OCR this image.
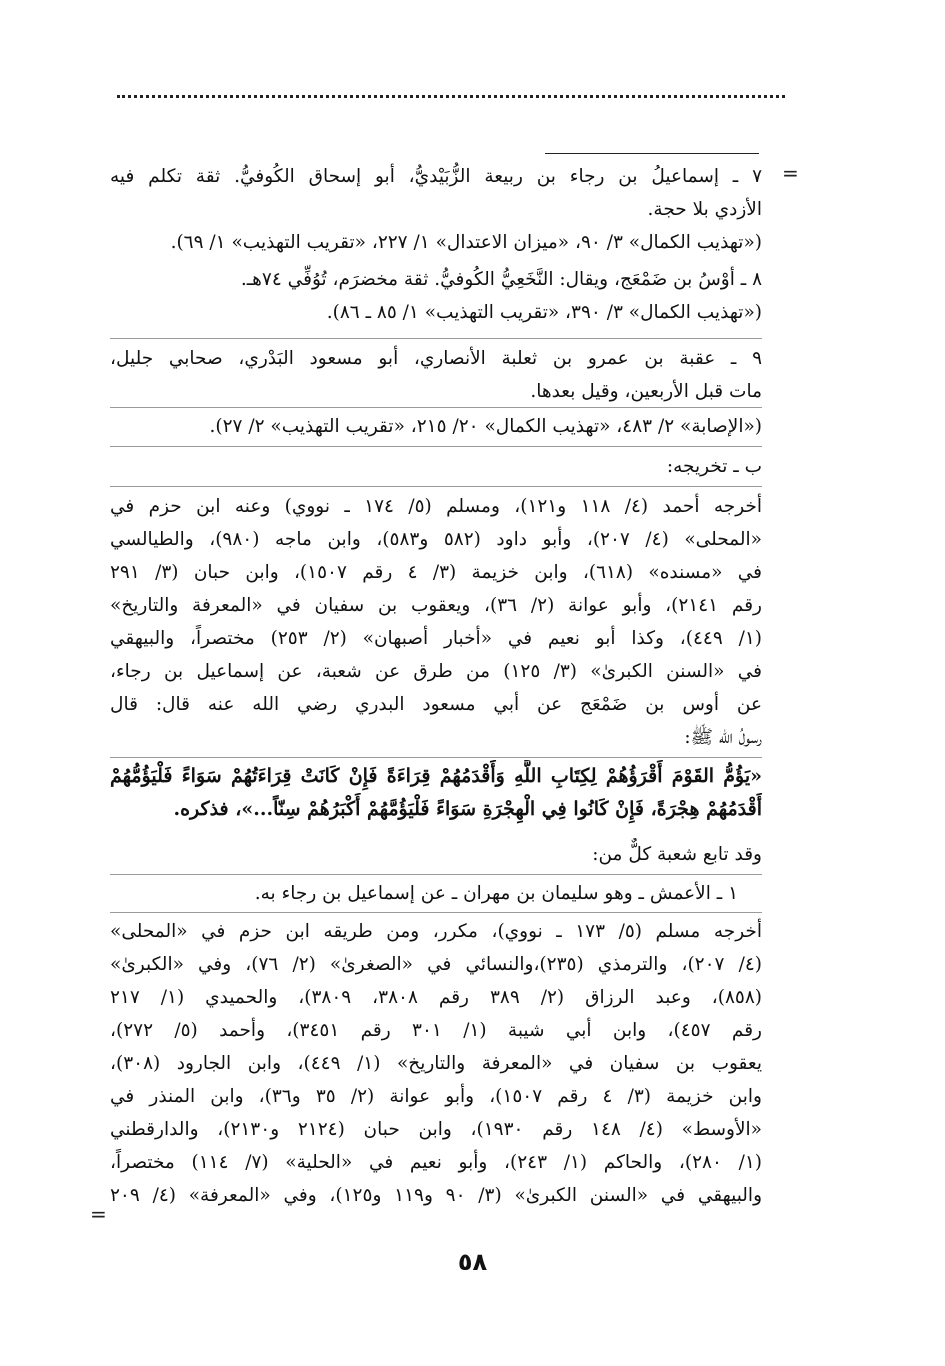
=
٧ ـ إسماعيلُ بن رجاء بن ربيعة الزُّبَيْديُّ، أبو إسحاق الكُوفيُّ. ثقة تكلم فيه
الأزدي بلا حجة.
(«تهذيب الكمال» ٣/ ٩٠، «ميزان الاعتدال» ١/ ٢٢٧، «تقريب التهذيب» ١/ ٦٩).
٨ ـ أوْسُ بن ضَمْعَج، ويقال: النَّخَعِيُّ الكُوفيُّ. ثقة مخضرَم، تُوُفِّي ٧٤هـ.
(«تهذيب الكمال» ٣/ ٣٩٠، «تقريب التهذيب» ١/ ٨٥ ـ ٨٦).
٩ ـ عقبة بن عمرو بن ثعلبة الأنصاري، أبو مسعود البَدْري، صحابي جليل،
مات قبل الأربعين، وقيل بعدها.
(«الإصابة» ٢/ ٤٨٣، «تهذيب الكمال» ٢٠/ ٢١٥، «تقريب التهذيب» ٢/ ٢٧).
ب ـ تخريجه:
أخرجه أحمد (٤/ ١١٨ و١٢١)، ومسلم (٥/ ١٧٤ ـ نووي) وعنه ابن حزم في
«المحلى» (٤/ ٢٠٧)، وأبو داود (٥٨٢ و٥٨٣)، وابن ماجه (٩٨٠)، والطيالسي
في «مسنده» (٦١٨)، وابن خزيمة (٣/ ٤ رقم ١٥٠٧)، وابن حبان (٣/ ٢٩١
رقم ٢١٤١)، وأبو عوانة (٢/ ٣٦)، ويعقوب بن سفيان في «المعرفة والتاريخ»
(١/ ٤٤٩)، وكذا أبو نعيم في «أخبار أصبهان» (٢/ ٢٥٣) مختصراً، والبيهقي
في «السنن الكبرىٰ» (٣/ ١٢٥) من طرق عن شعبة، عن إسماعيل بن رجاء،
عن أوس بن ضَمْعَج عن أبي مسعود البدري رضي الله عنه قال: قال
رسولُ الله ﷺ:
«يَؤُمُّ القَوْمَ أَقْرَؤُهُمْ لِكِتَابِ اللَّهِ وَأَقْدَمُهُمْ قِرَاءَةً فَإِنْ كَانَتْ قِرَاءَتُهُمْ سَوَاءً فَلْيَؤُمُّهُمْ
أَقْدَمُهُمْ هِجْرَةً، فَإِنْ كَانُوا فِي الْهِجْرَةِ سَوَاءً فَلْيَؤُمَّهُمْ أَكْبَرُهُمْ سِنّاً...»، فذكره.
وقد تابع شعبة كلٌّ من:
١ ـ الأعمش ـ وهو سليمان بن مهران ـ عن إسماعيل بن رجاء به.
أخرجه مسلم (٥/ ١٧٣ ـ نووي)، مكرر، ومن طريقه ابن حزم في «المحلى»
(٤/ ٢٠٧)، والترمذي (٢٣٥)،والنسائي في «الصغرىٰ» (٢/ ٧٦)، وفي «الكبرىٰ»
(٨٥٨)، وعبد الرزاق (٢/ ٣٨٩ رقم ٣٨٠٨، ٣٨٠٩)، والحميدي (١/ ٢١٧
رقم ٤٥٧)، وابن أبي شيبة (١/ ٣٠١ رقم ٣٤٥١)، وأحمد (٥/ ٢٧٢)،
يعقوب بن سفيان في «المعرفة والتاريخ» (١/ ٤٤٩)، وابن الجارود (٣٠٨)،
وابن خزيمة (٣/ ٤ رقم ١٥٠٧)، وأبو عوانة (٢/ ٣٥ و٣٦)، وابن المنذر في
«الأوسط» (٤/ ١٤٨ رقم ١٩٣٠)، وابن حبان (٢١٢٤ و٢١٣٠)، والدارقطني
(١/ ٢٨٠)، والحاكم (١/ ٢٤٣)، وأبو نعيم في «الحلية» (٧/ ١١٤) مختصراً،
والبيهقي في «السنن الكبرىٰ» (٣/ ٩٠ و١١٩ و١٢٥)، وفي «المعرفة» (٤/ ٢٠٩
=
٥٨
